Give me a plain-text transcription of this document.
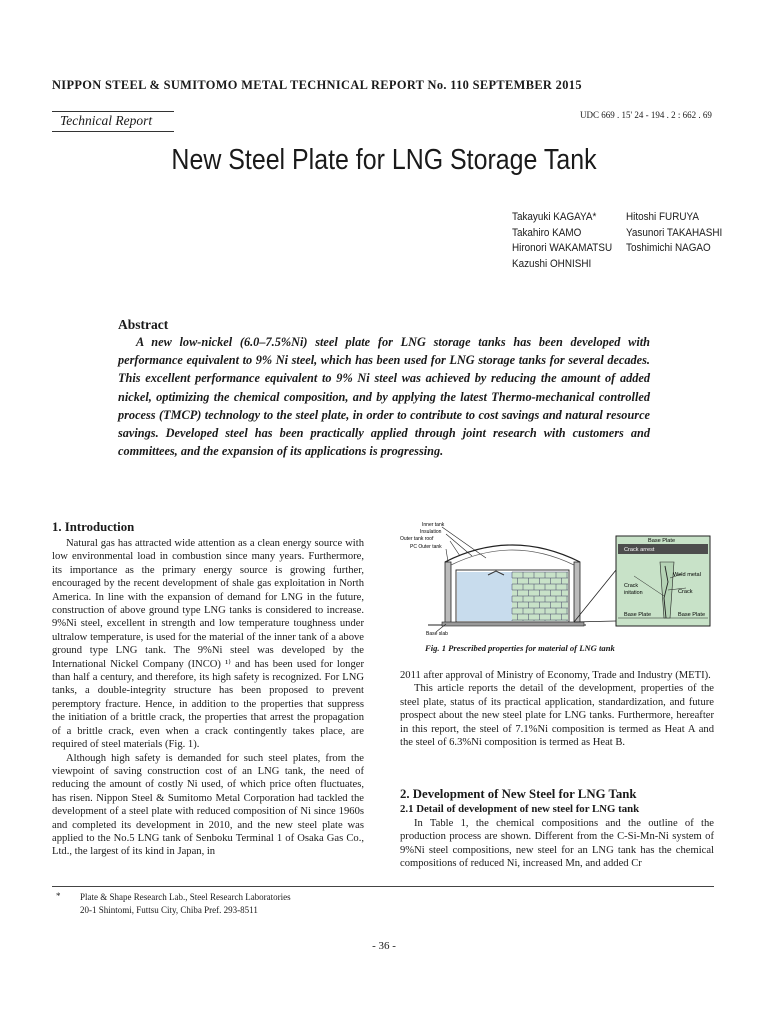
NIPPON STEEL & SUMITOMO METAL TECHNICAL REPORT No. 110 SEPTEMBER 2015
Technical Report	UDC 669 . 15' 24 - 194 . 2 : 662 . 69
New Steel Plate for LNG Storage Tank
Takayuki KAGAYA*
Takahiro KAMO
Hironori WAKAMATSU
Kazushi OHNISHI
Hitoshi FURUYA
Yasunori TAKAHASHI
Toshimichi NAGAO
Abstract

A new low-nickel (6.0–7.5%Ni) steel plate for LNG storage tanks has been developed with performance equivalent to 9% Ni steel, which has been used for LNG storage tanks for several decades. This excellent performance equivalent to 9% Ni steel was achieved by reducing the amount of added nickel, optimizing the chemical composition, and by applying the latest Thermo-mechanical controlled process (TMCP) technology to the steel plate, in order to contribute to cost savings and natural resource savings. Developed steel has been practically applied through joint research with customers and committees, and the expansion of its applications is progressing.

1. Introduction

Natural gas has attracted wide attention as a clean energy source with low environmental load in combustion since many years. Furthermore, its importance as the primary energy source is growing further, encouraged by the recent development of shale gas exploitation in North America. In line with the expansion of demand for LNG in the future, construction of above ground type LNG tanks is considered to increase. 9%Ni steel, excellent in strength and low temperature toughness under ultralow temperature, is used for the material of the inner tank of a above ground type LNG tank. The 9%Ni steel was developed by the International Nickel Company (INCO) ¹⁾ and has been used for longer than half a century, and therefore, its high safety is recognized. For LNG tanks, a double-integrity structure has been proposed to prevent peremptory fracture. Hence, in addition to the properties that suppress the initiation of a brittle crack, the properties that arrest the propagation of a brittle crack, even when a crack contingently takes place, are required of steel materials (Fig. 1).

Although high safety is demanded for such steel plates, from the viewpoint of saving construction cost of an LNG tank, the need of reducing the amount of costly Ni used, of which price often fluctuates, has risen. Nippon Steel & Sumitomo Metal Corporation had tackled the development of a steel plate with reduced composition of Ni since 1960s and completed its development in 2010, and the new steel plate was applied to the No.5 LNG tank of Senboku Terminal 1 of Osaka Gas Co., Ltd., the largest of its kind in Japan, in

Inner tank
Insulation
Outer tank roof
PC Outer tank
Base slab
Base Plate
Crack arrest
Weld metal
Crack
Crack initation
Base Plate	Base Plate
Fig. 1 Prescribed properties for material of LNG tank

2011 after approval of Ministry of Economy, Trade and Industry (METI).

This article reports the detail of the development, properties of the steel plate, status of its practical application, standardization, and future prospect about the new steel plate for LNG tanks. Furthermore, hereafter in this report, the steel of 7.1%Ni composition is termed as Heat A and the steel of 6.3%Ni composition is termed as Heat B.

2. Development of New Steel for LNG Tank
2.1 Detail of development of new steel for LNG tank

In Table 1, the chemical compositions and the outline of the production process are shown. Different from the C-Si-Mn-Ni system of 9%Ni steel compositions, new steel for an LNG tank has the chemical compositions of reduced Ni, increased Mn, and added Cr

* Plate & Shape Research Lab., Steel Research Laboratories
20-1 Shintomi, Futtsu City, Chiba Pref. 293-8511
- 36 -
